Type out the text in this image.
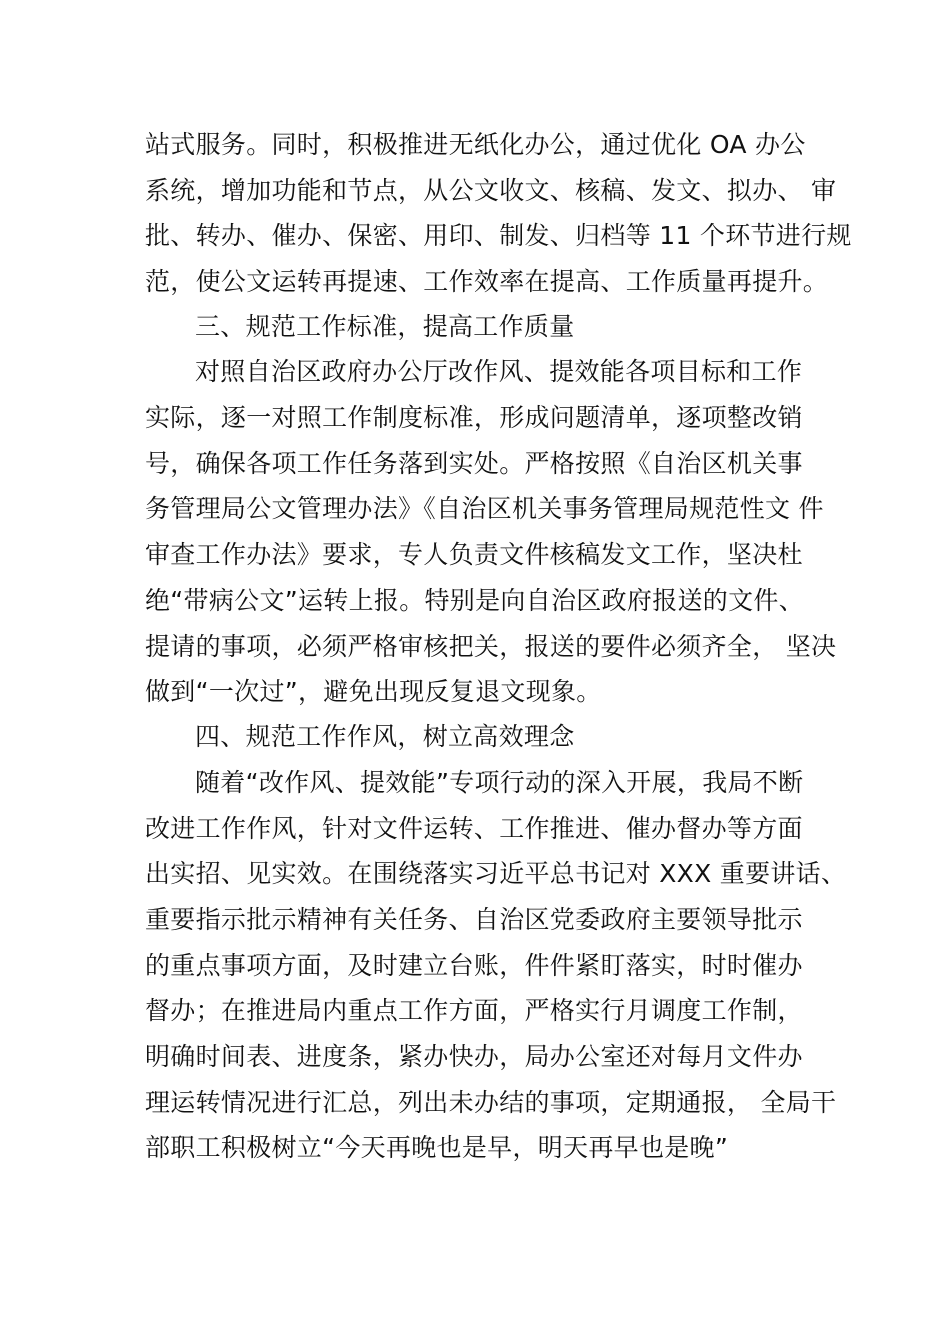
站式服务。同时，积极推进无纸化办公，通过优化 OA 办公
系统，增加功能和节点，从公文收文、核稿、发文、拟办、 审
批、转办、催办、保密、用印、制发、归档等 11 个环节进行规
范，使公文运转再提速、工作效率在提高、工作质量再提升。
三、规范工作标准，提高工作质量
对照自治区政府办公厅改作风、提效能各项目标和工作
实际，逐一对照工作制度标准，形成问题清单，逐项整改销
号，确保各项工作任务落到实处。严格按照《自治区机关事
务管理局公文管理办法》《自治区机关事务管理局规范性文 件
审查工作办法》要求，专人负责文件核稿发文工作，坚决杜
绝“带病公文”运转上报。特别是向自治区政府报送的文件、
提请的事项，必须严格审核把关，报送的要件必须齐全， 坚决
做到“一次过”，避免出现反复退文现象。
四、规范工作作风，树立高效理念
随着“改作风、提效能”专项行动的深入开展，我局不断
改进工作作风，针对文件运转、工作推进、催办督办等方面
出实招、见实效。在围绕落实习近平总书记对 XXX 重要讲话、
重要指示批示精神有关任务、自治区党委政府主要领导批示
的重点事项方面，及时建立台账，件件紧盯落实，时时催办
督办；在推进局内重点工作方面，严格实行月调度工作制，
明确时间表、进度条，紧办快办，局办公室还对每月文件办
理运转情况进行汇总，列出未办结的事项，定期通报， 全局干
部职工积极树立“今天再晚也是早，明天再早也是晚”
